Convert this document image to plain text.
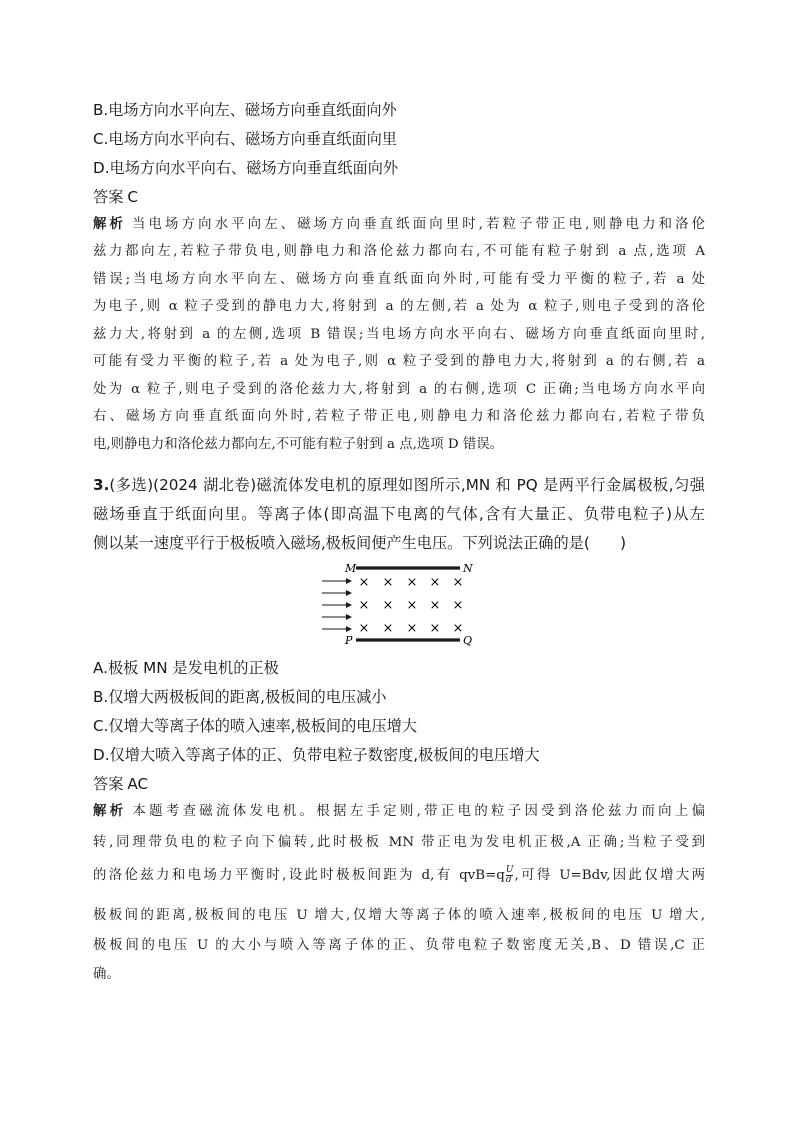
B.电场方向水平向左、磁场方向垂直纸面向外
C.电场方向水平向右、磁场方向垂直纸面向里
D.电场方向水平向右、磁场方向垂直纸面向外
答案 C
解析 当电场方向水平向左、磁场方向垂直纸面向里时,若粒子带正电,则静电力和洛伦
兹力都向左,若粒子带负电,则静电力和洛伦兹力都向右,不可能有粒子射到 a 点,选项 A
错误;当电场方向水平向左、磁场方向垂直纸面向外时,可能有受力平衡的粒子,若 a 处
为电子,则 α 粒子受到的静电力大,将射到 a 的左侧,若 a 处为 α 粒子,则电子受到的洛伦
兹力大,将射到 a 的左侧,选项 B 错误;当电场方向水平向右、磁场方向垂直纸面向里时,
可能有受力平衡的粒子,若 a 处为电子,则 α 粒子受到的静电力大,将射到 a 的右侧,若 a
处为 α 粒子,则电子受到的洛伦兹力大,将射到 a 的右侧,选项 C 正确;当电场方向水平向
右、磁场方向垂直纸面向外时,若粒子带正电,则静电力和洛伦兹力都向右,若粒子带负
电,则静电力和洛伦兹力都向左,不可能有粒子射到 a 点,选项 D 错误。
3.(多选)(2024 湖北卷)磁流体发电机的原理如图所示,MN 和 PQ 是两平行金属极板,匀强
磁场垂直于纸面向里。等离子体(即高温下电离的气体,含有大量正、负带电粒子)从左
侧以某一速度平行于极板喷入磁场,极板间便产生电压。下列说法正确的是(　　)
M	N
× × × × ×
× × × × ×
× × × × ×
P	Q
A.极板 MN 是发电机的正极
B.仅增大两极板间的距离,极板间的电压减小
C.仅增大等离子体的喷入速率,极板间的电压增大
D.仅增大喷入等离子体的正、负带电粒子数密度,极板间的电压增大
答案 AC
解析 本题考查磁流体发电机。根据左手定则,带正电的粒子因受到洛伦兹力而向上偏
转,同理带负电的粒子向下偏转,此时极板 MN 带正电为发电机正极,A 正确;当粒子受到
的洛伦兹力和电场力平衡时,设此时极板间距为 d,有 $qvB=q \frac{U}{d}$ ,可得 U=Bdv,因此仅增大两
极板间的距离,极板间的电压 U 增大,仅增大等离子体的喷入速率,极板间的电压 U 增大,
极板间的电压 U 的大小与喷入等离子体的正、负带电粒子数密度无关,B、D 错误,C 正
确。
